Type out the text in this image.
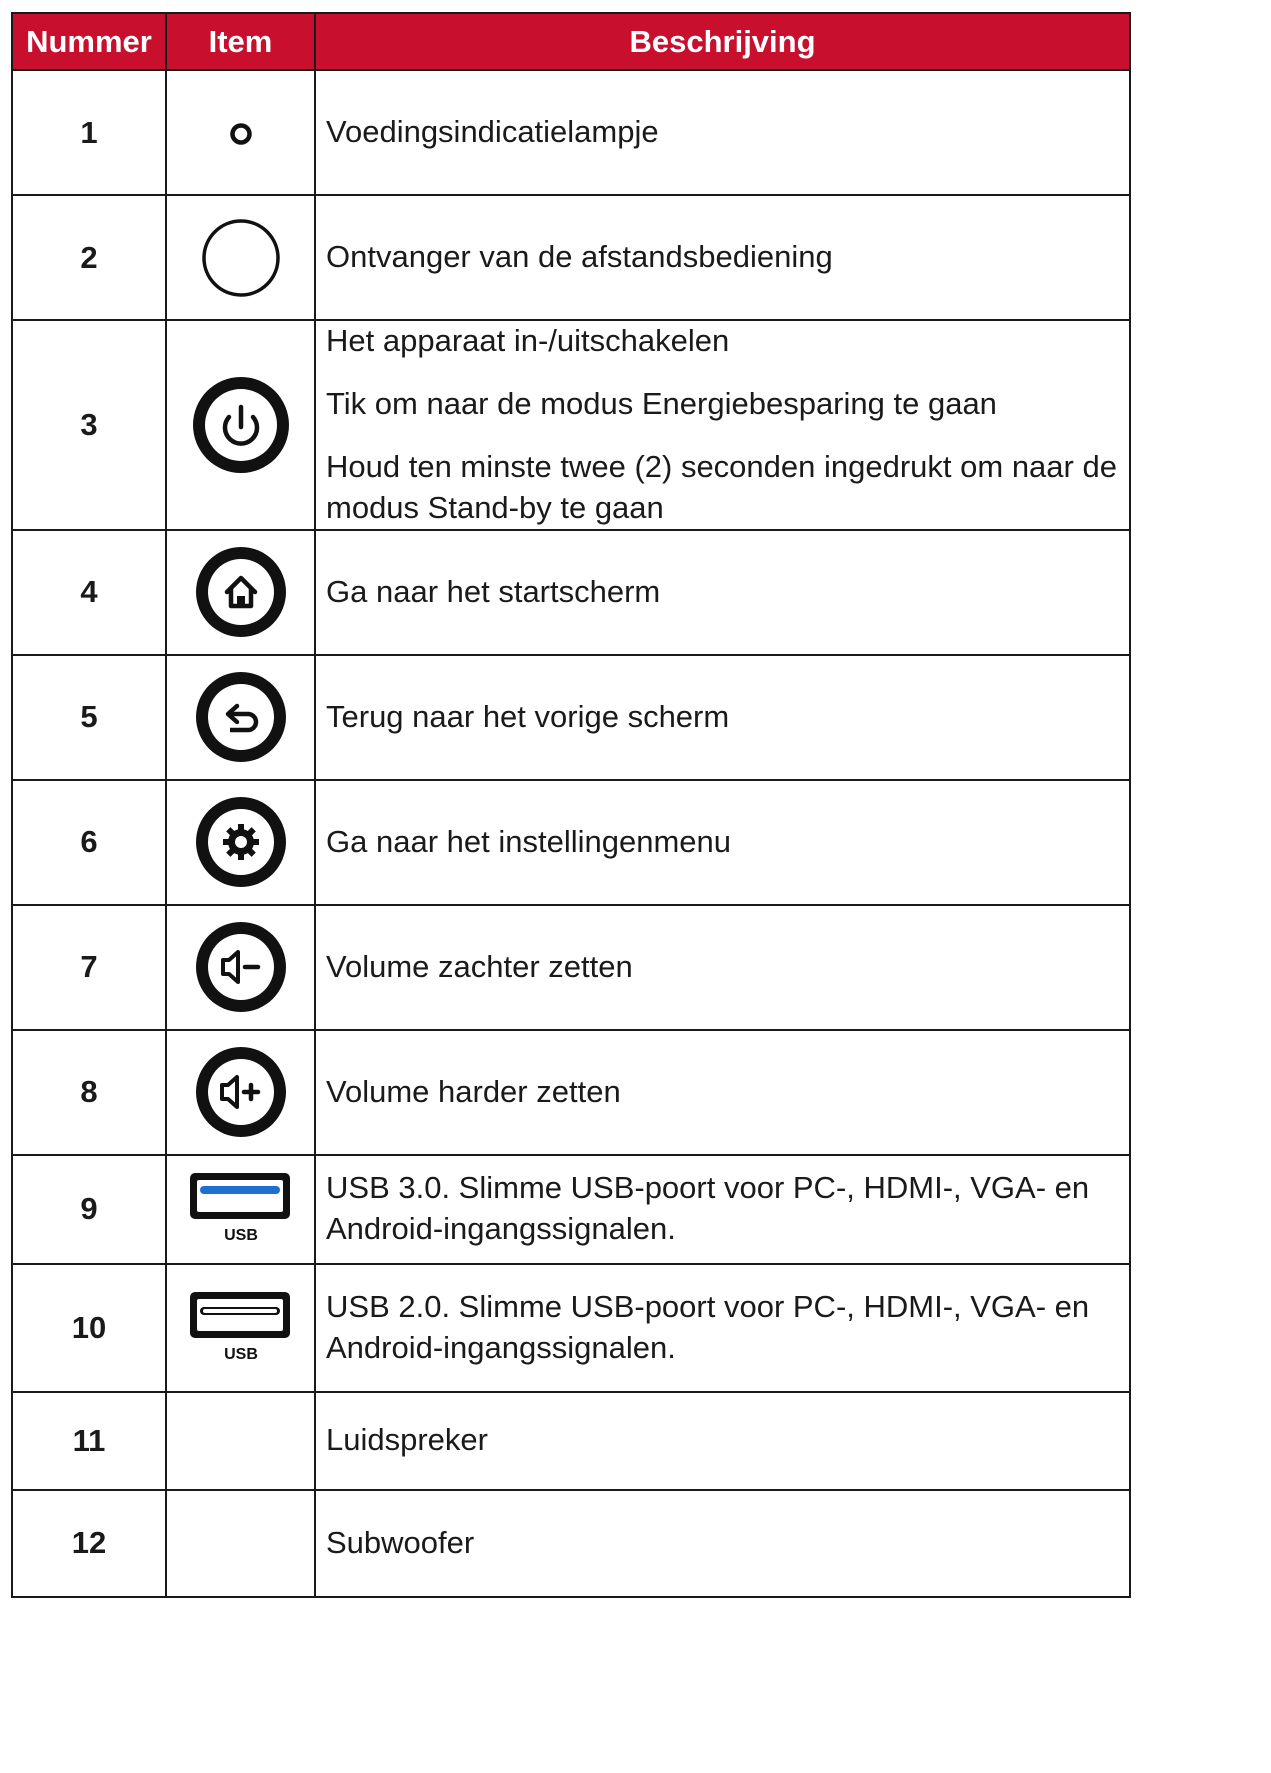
Nummer	Item	Beschrijving
1		Voedingsindicatielampje

2		Ontvanger van de afstandsbediening

3		Het apparaat in-/uitschakelen

Tik om naar de modus Energiebesparing te gaan

Houd ten minste twee (2) seconden ingedrukt om naar de modus Stand-by te gaan

4		Ga naar het startscherm

5		Terug naar het vorige scherm

6		Ga naar het instellingenmenu

7		Volume zachter zetten

8		Volume harder zetten

9	USB	USB 3.0. Slimme USB-poort voor PC-, HDMI-, VGA- en Android-ingangssignalen.

10	USB	USB 2.0. Slimme USB-poort voor PC-, HDMI-, VGA- en Android-ingangssignalen.

11		Luidspreker

12		Subwoofer
